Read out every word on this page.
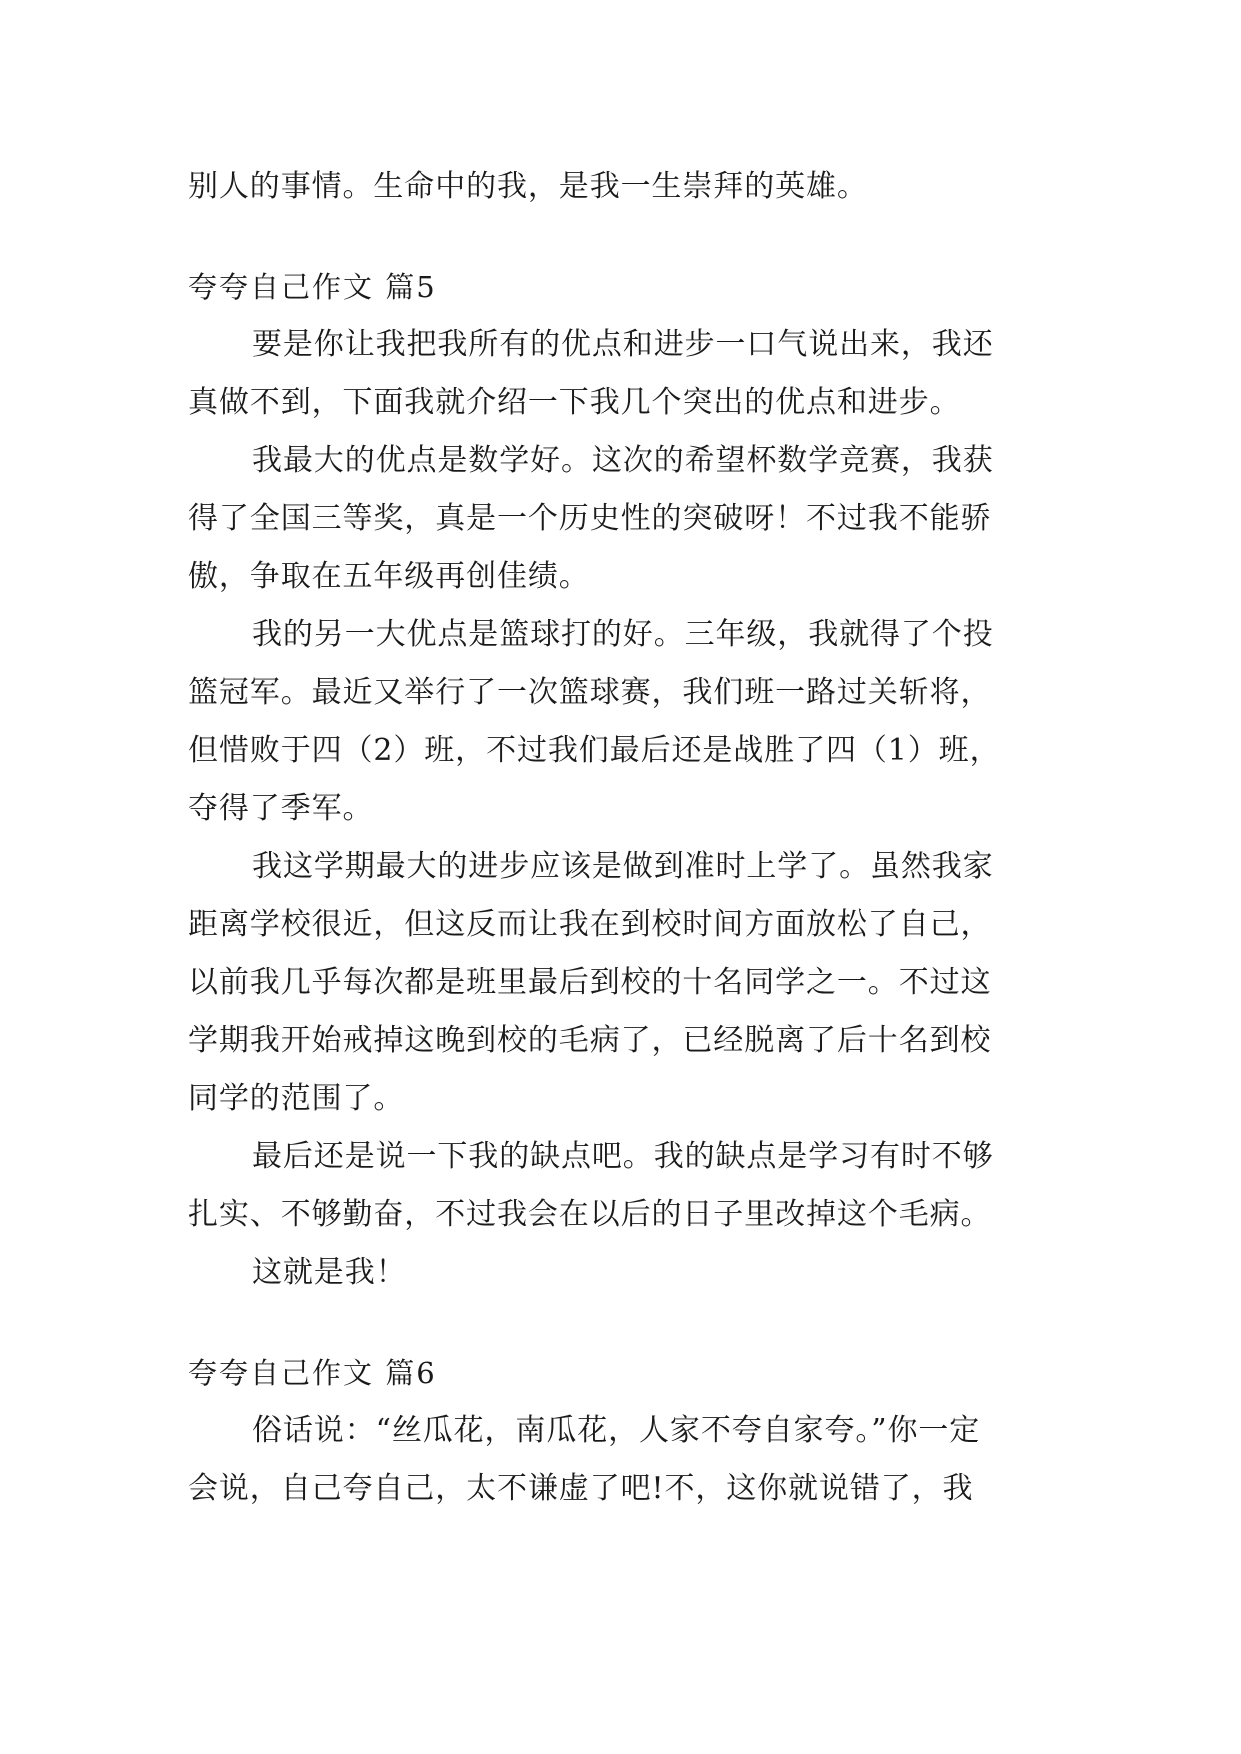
别人的事情。生命中的我，是我一生崇拜的英雄。
夸夸自己作文 篇5
要是你让我把我所有的优点和进步一口气说出来，我还
真做不到，下面我就介绍一下我几个突出的优点和进步。
我最大的优点是数学好。这次的希望杯数学竞赛，我获
得了全国三等奖，真是一个历史性的突破呀！不过我不能骄
傲，争取在五年级再创佳绩。
我的另一大优点是篮球打的好。三年级，我就得了个投
篮冠军。最近又举行了一次篮球赛，我们班一路过关斩将，
但惜败于四（2）班，不过我们最后还是战胜了四（1）班，
夺得了季军。
我这学期最大的进步应该是做到准时上学了。虽然我家
距离学校很近，但这反而让我在到校时间方面放松了自己，
以前我几乎每次都是班里最后到校的十名同学之一。不过这
学期我开始戒掉这晚到校的毛病了，已经脱离了后十名到校
同学的范围了。
最后还是说一下我的缺点吧。我的缺点是学习有时不够
扎实、不够勤奋，不过我会在以后的日子里改掉这个毛病。
这就是我！
夸夸自己作文 篇6
俗话说：“丝瓜花，南瓜花，人家不夸自家夸。”你一定
会说，自己夸自己，太不谦虚了吧!不，这你就说错了，我
